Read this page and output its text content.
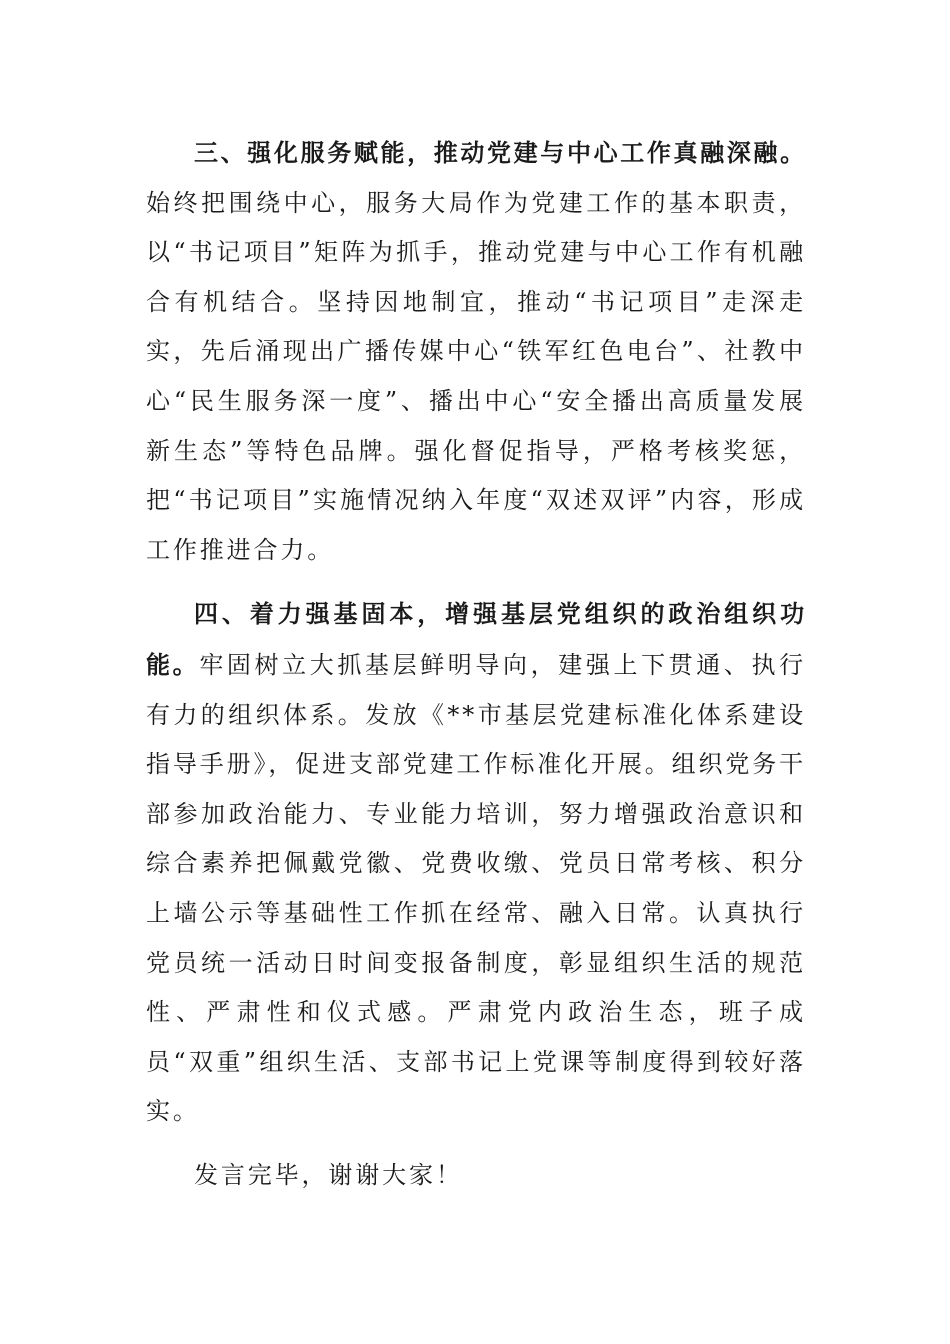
三、强化服务赋能，推动党建与中心工作真融深融。始终把围绕中心，服务大局作为党建工作的基本职责，以“书记项目”矩阵为抓手，推动党建与中心工作有机融合有机结合。坚持因地制宜，推动“书记项目”走深走实，先后涌现出广播传媒中心“铁军红色电台”、社教中心“民生服务深一度”、播出中心“安全播出高质量发展新生态”等特色品牌。强化督促指导，严格考核奖惩，把“书记项目”实施情况纳入年度“双述双评”内容，形成工作推进合力。

四、着力强基固本，增强基层党组织的政治组织功能。牢固树立大抓基层鲜明导向，建强上下贯通、执行有力的组织体系。发放《**市基层党建标准化体系建设指导手册》，促进支部党建工作标准化开展。组织党务干部参加政治能力、专业能力培训，努力增强政治意识和综合素养把佩戴党徽、党费收缴、党员日常考核、积分上墙公示等基础性工作抓在经常、融入日常。认真执行党员统一活动日时间变报备制度，彰显组织生活的规范性、严肃性和仪式感。严肃党内政治生态，班子成员“双重”组织生活、支部书记上党课等制度得到较好落实。

发言完毕，谢谢大家！
